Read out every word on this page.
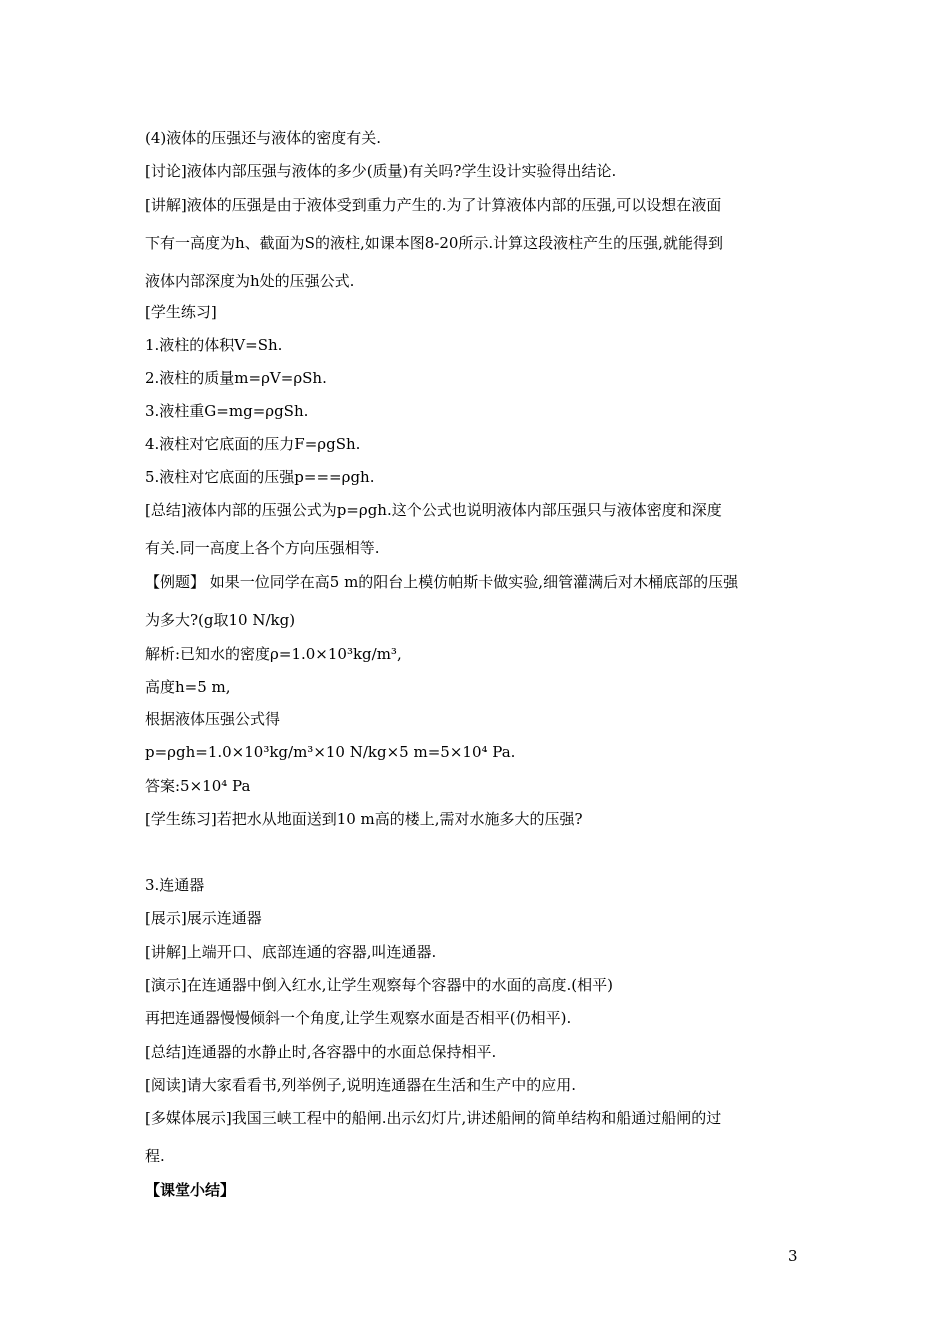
(4)液体的压强还与液体的密度有关.
[讨论]液体内部压强与液体的多少(质量)有关吗?学生设计实验得出结论.
[讲解]液体的压强是由于液体受到重力产生的.为了计算液体内部的压强,可以设想在液面
下有一高度为h、截面为S的液柱,如课本图8-20所示.计算这段液柱产生的压强,就能得到
液体内部深度为h处的压强公式.
[学生练习]
1.液柱的体积V=Sh.
2.液柱的质量m=ρV=ρSh.
3.液柱重G=mg=ρgSh.
4.液柱对它底面的压力F=ρgSh.
5.液柱对它底面的压强p===ρgh.
[总结]液体内部的压强公式为p=ρgh.这个公式也说明液体内部压强只与液体密度和深度
有关.同一高度上各个方向压强相等.
【例题】 如果一位同学在高5 m的阳台上模仿帕斯卡做实验,细管灌满后对木桶底部的压强
为多大?(g取10 N/kg)
解析:已知水的密度ρ=1.0×10³kg/m³,
高度h=5 m,
根据液体压强公式得
p=ρgh=1.0×10³kg/m³×10 N/kg×5 m=5×10⁴ Pa.
答案:5×10⁴ Pa
[学生练习]若把水从地面送到10 m高的楼上,需对水施多大的压强?
3.连通器
[展示]展示连通器
[讲解]上端开口、底部连通的容器,叫连通器.
[演示]在连通器中倒入红水,让学生观察每个容器中的水面的高度.(相平)
再把连通器慢慢倾斜一个角度,让学生观察水面是否相平(仍相平).
[总结]连通器的水静止时,各容器中的水面总保持相平.
[阅读]请大家看看书,列举例子,说明连通器在生活和生产中的应用.
[多媒体展示]我国三峡工程中的船闸.出示幻灯片,讲述船闸的简单结构和船通过船闸的过
程.
【课堂小结】
3
